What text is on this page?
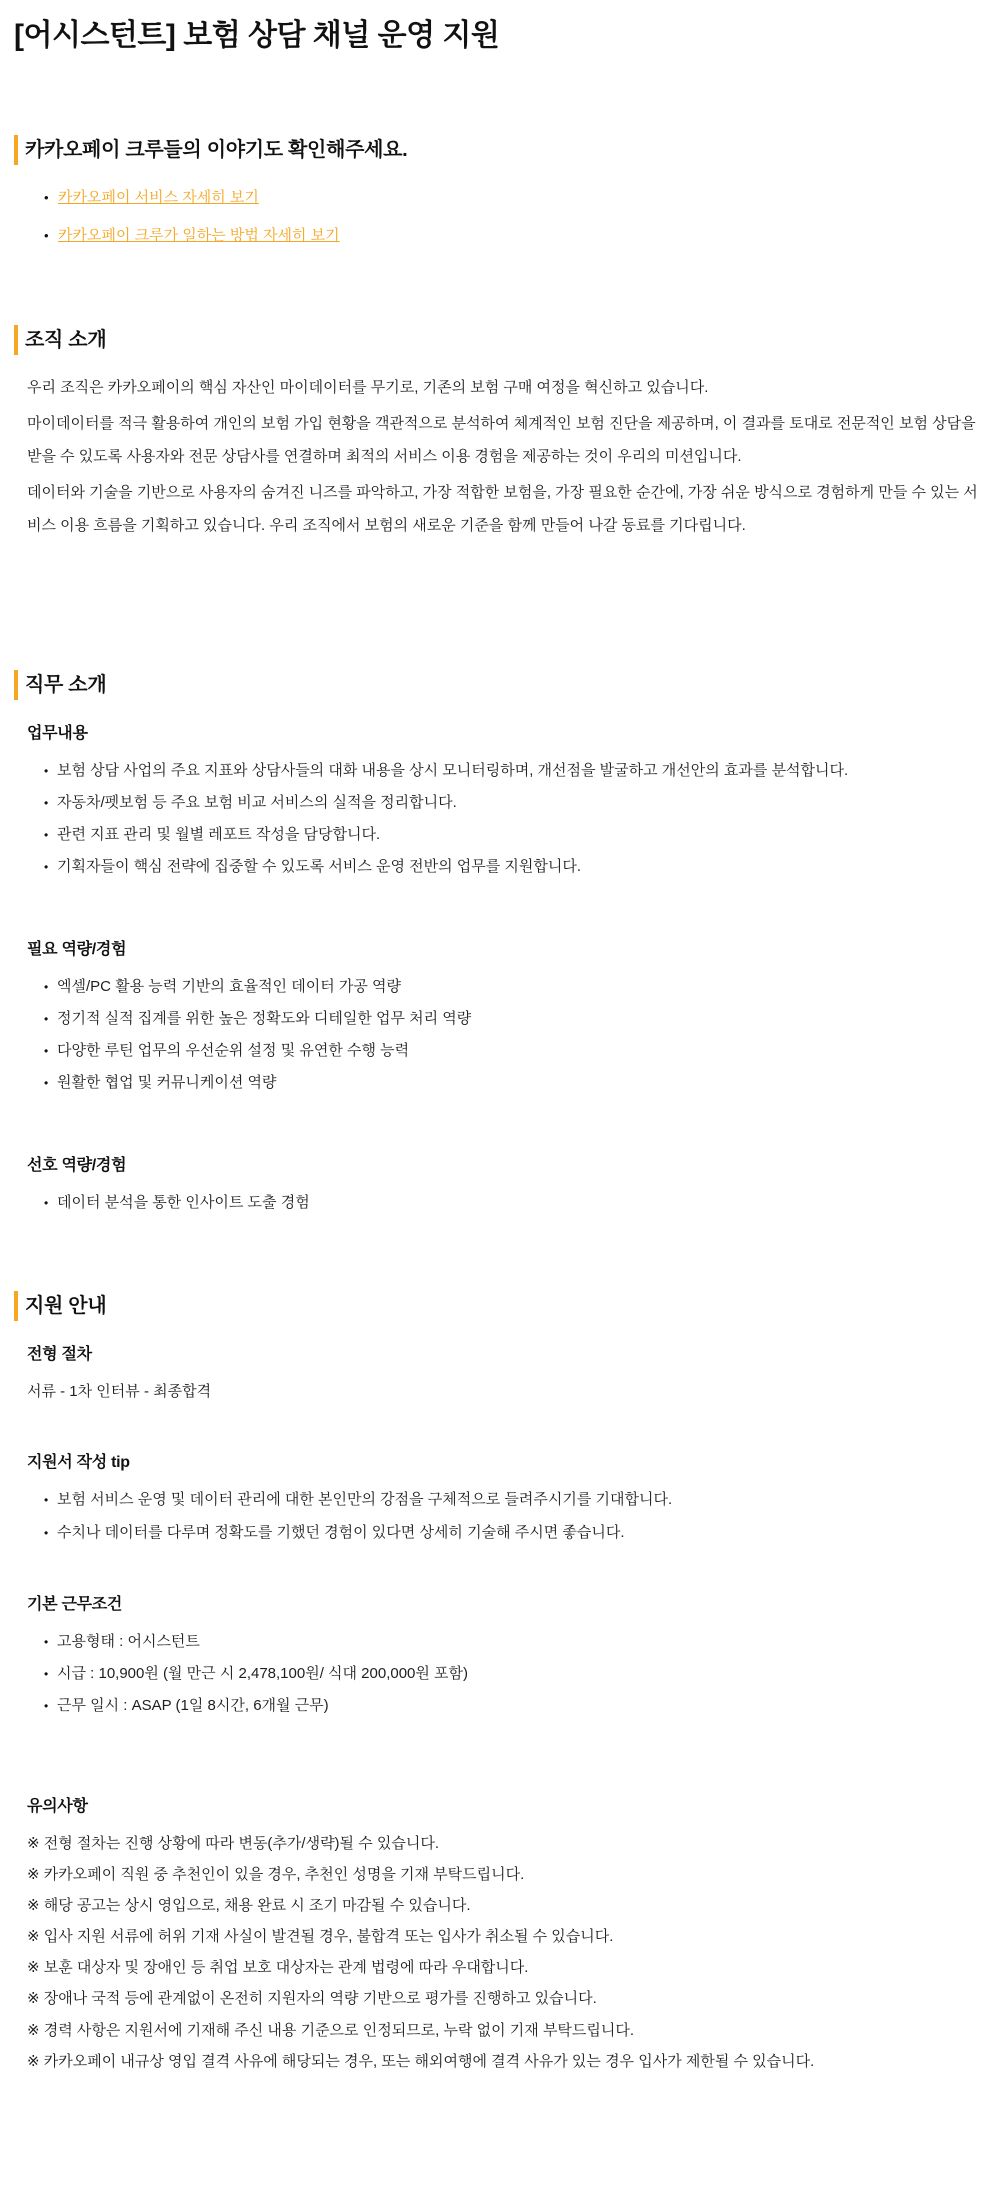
[어시스턴트] 보험 상담 채널 운영 지원
카카오페이 크루들의 이야기도 확인해주세요.
• 카카오페이 서비스 자세히 보기
• 카카오페이 크루가 일하는 방법 자세히 보기
조직 소개

우리 조직은 카카오페이의 핵심 자산인 마이데이터를 무기로, 기존의 보험 구매 여정을 혁신하고 있습니다.

마이데이터를 적극 활용하여 개인의 보험 가입 현황을 객관적으로 분석하여 체계적인 보험 진단을 제공하며, 이 결과를 토대로 전문적인 보험 상담을 받을 수 있도록 사용자와 전문 상담사를 연결하며 최적의 서비스 이용 경험을 제공하는 것이 우리의 미션입니다.

데이터와 기술을 기반으로 사용자의 숨겨진 니즈를 파악하고, 가장 적합한 보험을, 가장 필요한 순간에, 가장 쉬운 방식으로 경험하게 만들 수 있는 서비스 이용 흐름을 기획하고 있습니다. 우리 조직에서 보험의 새로운 기준을 함께 만들어 나갈 동료를 기다립니다.

직무 소개
업무내용
• 보험 상담 사업의 주요 지표와 상담사들의 대화 내용을 상시 모니터링하며, 개선점을 발굴하고 개선안의 효과를 분석합니다.
• 자동차/펫보험 등 주요 보험 비교 서비스의 실적을 정리합니다.
• 관련 지표 관리 및 월별 레포트 작성을 담당합니다.
• 기획자들이 핵심 전략에 집중할 수 있도록 서비스 운영 전반의 업무를 지원합니다.
필요 역량/경험
• 엑셀/PC 활용 능력 기반의 효율적인 데이터 가공 역량
• 정기적 실적 집계를 위한 높은 정확도와 디테일한 업무 처리 역량
• 다양한 루틴 업무의 우선순위 설정 및 유연한 수행 능력
• 원활한 협업 및 커뮤니케이션 역량
선호 역량/경험
• 데이터 분석을 통한 인사이트 도출 경험
지원 안내
전형 절차

서류 - 1차 인터뷰 - 최종합격

지원서 작성 tip
• 보험 서비스 운영 및 데이터 관리에 대한 본인만의 강점을 구체적으로 들려주시기를 기대합니다.
• 수치나 데이터를 다루며 정확도를 기했던 경험이 있다면 상세히 기술해 주시면 좋습니다.
기본 근무조건
• 고용형태 : 어시스턴트
• 시급 : 10,900원 (월 만근 시 2,478,100원/ 식대 200,000원 포함)
• 근무 일시 : ASAP (1일 8시간, 6개월 근무)
유의사항
※ 전형 절차는 진행 상황에 따라 변동(추가/생략)될 수 있습니다.
※ 카카오페이 직원 중 추천인이 있을 경우, 추천인 성명을 기재 부탁드립니다.
※ 해당 공고는 상시 영입으로, 채용 완료 시 조기 마감될 수 있습니다.
※ 입사 지원 서류에 허위 기재 사실이 발견될 경우, 불합격 또는 입사가 취소될 수 있습니다.
※ 보훈 대상자 및 장애인 등 취업 보호 대상자는 관계 법령에 따라 우대합니다.
※ 장애나 국적 등에 관계없이 온전히 지원자의 역량 기반으로 평가를 진행하고 있습니다.
※ 경력 사항은 지원서에 기재해 주신 내용 기준으로 인정되므로, 누락 없이 기재 부탁드립니다.
※ 카카오페이 내규상 영입 결격 사유에 해당되는 경우, 또는 해외여행에 결격 사유가 있는 경우 입사가 제한될 수 있습니다.
